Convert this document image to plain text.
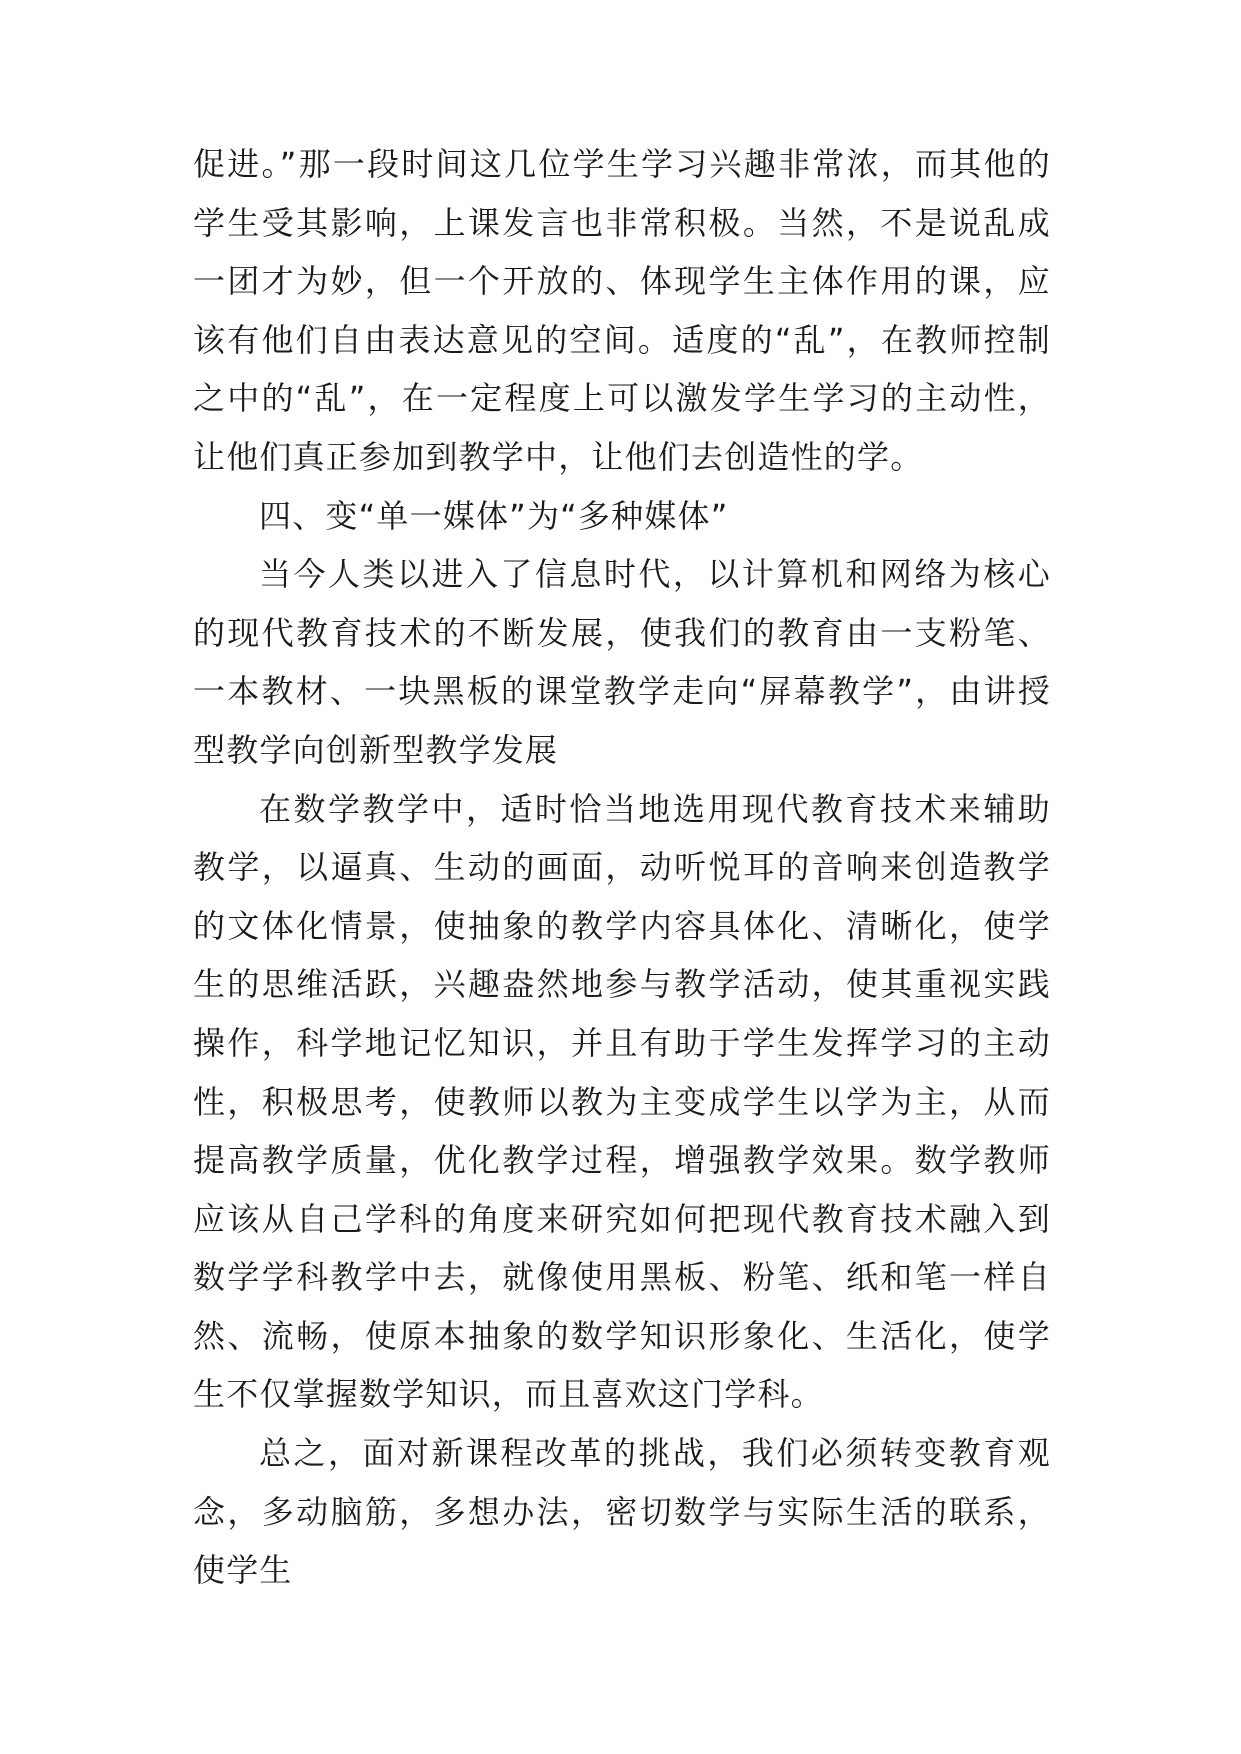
促进。”那一段时间这几位学生学习兴趣非常浓，而其他的学生受其影响，上课发言也非常积极。当然，不是说乱成一团才为妙，但一个开放的、体现学生主体作用的课，应该有他们自由表达意见的空间。适度的“乱”，在教师控制之中的“乱”，在一定程度上可以激发学生学习的主动性，让他们真正参加到教学中，让他们去创造性的学。

四、变“单一媒体”为“多种媒体”

当今人类以进入了信息时代，以计算机和网络为核心的现代教育技术的不断发展，使我们的教育由一支粉笔、一本教材、一块黑板的课堂教学走向“屏幕教学”，由讲授型教学向创新型教学发展

在数学教学中，适时恰当地选用现代教育技术来辅助教学，以逼真、生动的画面，动听悦耳的音响来创造教学的文体化情景，使抽象的教学内容具体化、清晰化，使学生的思维活跃，兴趣盎然地参与教学活动，使其重视实践操作，科学地记忆知识，并且有助于学生发挥学习的主动性，积极思考，使教师以教为主变成学生以学为主，从而提高教学质量，优化教学过程，增强教学效果。数学教师应该从自己学科的角度来研究如何把现代教育技术融入到数学学科教学中去，就像使用黑板、粉笔、纸和笔一样自然、流畅，使原本抽象的数学知识形象化、生活化，使学生不仅掌握数学知识，而且喜欢这门学科。

总之，面对新课程改革的挑战，我们必须转变教育观念，多动脑筋，多想办法，密切数学与实际生活的联系，使学生
